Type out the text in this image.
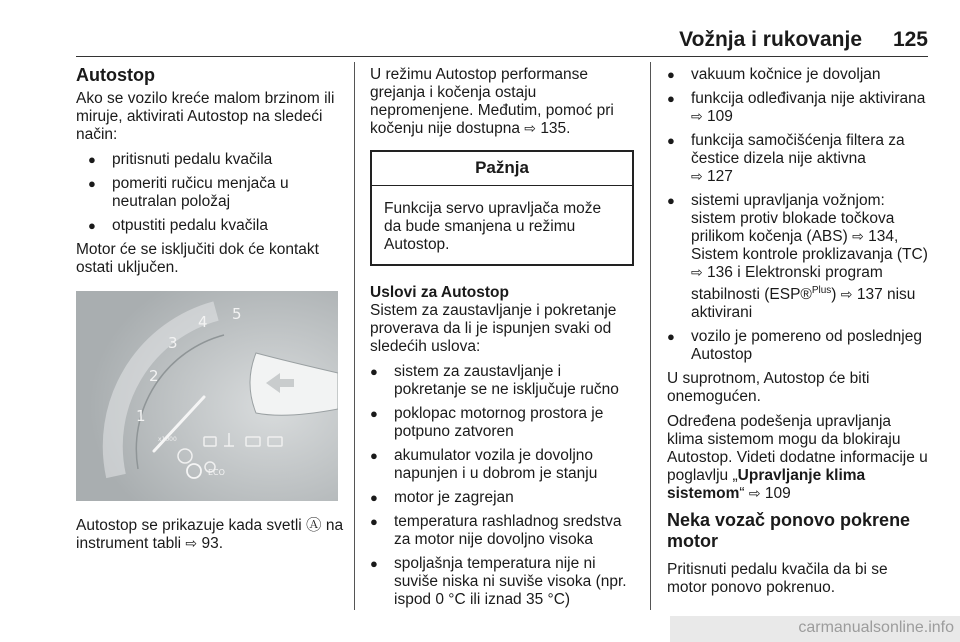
Vožnja i rukovanje 125
Autostop

Ako se vozilo kreće malom brzinom ili miruje, aktivirati Autostop na sledeći način:

● pritisnuti pedalu kvačila
● pomeriti ručicu menjača u neutralan položaj
● otpustiti pedalu kvačila

Motor će se isključiti dok će kontakt ostati uključen.

1
2
3
4 5
x1000
ECO

Autostop se prikazuje kada svetli Ⓐ na instrument tabli ⇨ 93.

U režimu Autostop performanse grejanja i kočenja ostaju nepromenjene. Međutim, pomoć pri kočenju nije dostupna ⇨ 135.

Pažnja
Funkcija servo upravljača može da bude smanjena u režimu Autostop.
Uslovi za Autostop

Sistem za zaustavljanje i pokretanje proverava da li je ispunjen svaki od sledećih uslova:

● sistem za zaustavljanje i pokretanje se ne isključuje ručno
● poklopac motornog prostora je potpuno zatvoren
● akumulator vozila je dovoljno napunjen i u dobrom je stanju
● motor je zagrejan
● temperatura rashladnog sredstva za motor nije dovoljno visoka
● spoljašnja temperatura nije ni suviše niska ni suviše visoka (npr. ispod 0 °C ili iznad 35 °C)
● vakuum kočnice je dovoljan
● funkcija odleđivanja nije aktivirana ⇨ 109
● funkcija samočišćenja filtera za čestice dizela nije aktivna
⇨ 127
● sistemi upravljanja vožnjom: sistem protiv blokade točkova prilikom kočenja (ABS) ⇨ 134, Sistem kontrole proklizavanja (TC) ⇨ 136 i Elektronski program stabilnosti (ESP®$^{Plus}$) ⇨ 137 nisu aktivirani
● vozilo je pomereno od poslednjeg Autostop

U suprotnom, Autostop će biti onemogućen.

Određena podešenja upravljanja klima sistemom mogu da blokiraju Autostop. Videti dodatne informacije u poglavlju „Upravljanje klima sistemom“ ⇨ 109

Neka vozač ponovo pokrene motor

Pritisnuti pedalu kvačila da bi se motor ponovo pokrenuo.

carmanualsonline.info
